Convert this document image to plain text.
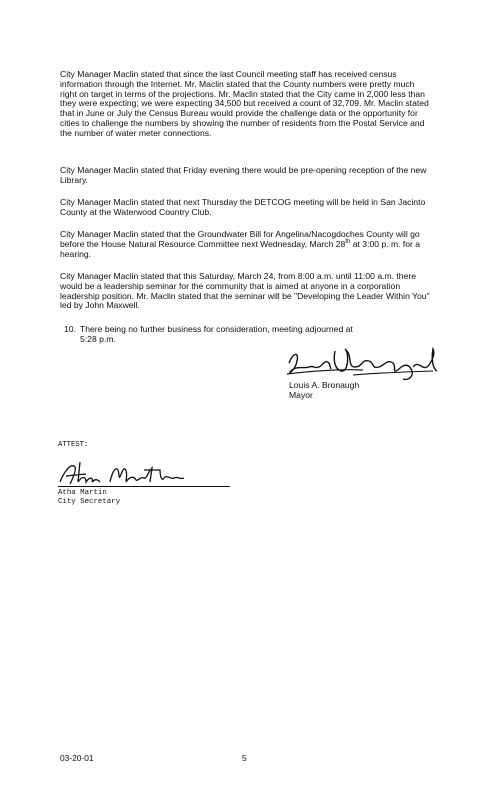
City Manager Maclin stated that since the last Council meeting staff has received census information through the Internet. Mr. Maclin stated that the County numbers were pretty much right on target in terms of the projections. Mr. Maclin stated that the City came in 2,000 less than they were expecting; we were expecting 34,500 but received a count of 32,709. Mr. Maclin stated that in June or July the Census Bureau would provide the challenge data or the opportunity for cities to challenge the numbers by showing the number of residents from the Postal Service and the number of water meter connections.

City Manager Maclin stated that Friday evening there would be pre-opening reception of the new Library.

City Manager Maclin stated that next Thursday the DETCOG meeting will be held in San Jacinto County at the Waterwood Country Club.

City Manager Maclin stated that the Groundwater Bill for Angelina/Nacogdoches County will go before the House Natural Resource Committee next Wednesday, March 28th at 3:00 p. m. for a hearing.

City Manager Maclin stated that this Saturday, March 24, from 8:00 a.m. until 11:00 a.m. there would be a leadership seminar for the community that is aimed at anyone in a corporation leadership position. Mr. Maclin stated that the seminar will be "Developing the Leader Within You" led by John Maxwell.

10. There being no further business for consideration, meeting adjourned at
5:28 p.m.
Louis A. Bronaugh
Mayor
ATTEST:
Atha Martin
City Secretary
03-20-01	5
